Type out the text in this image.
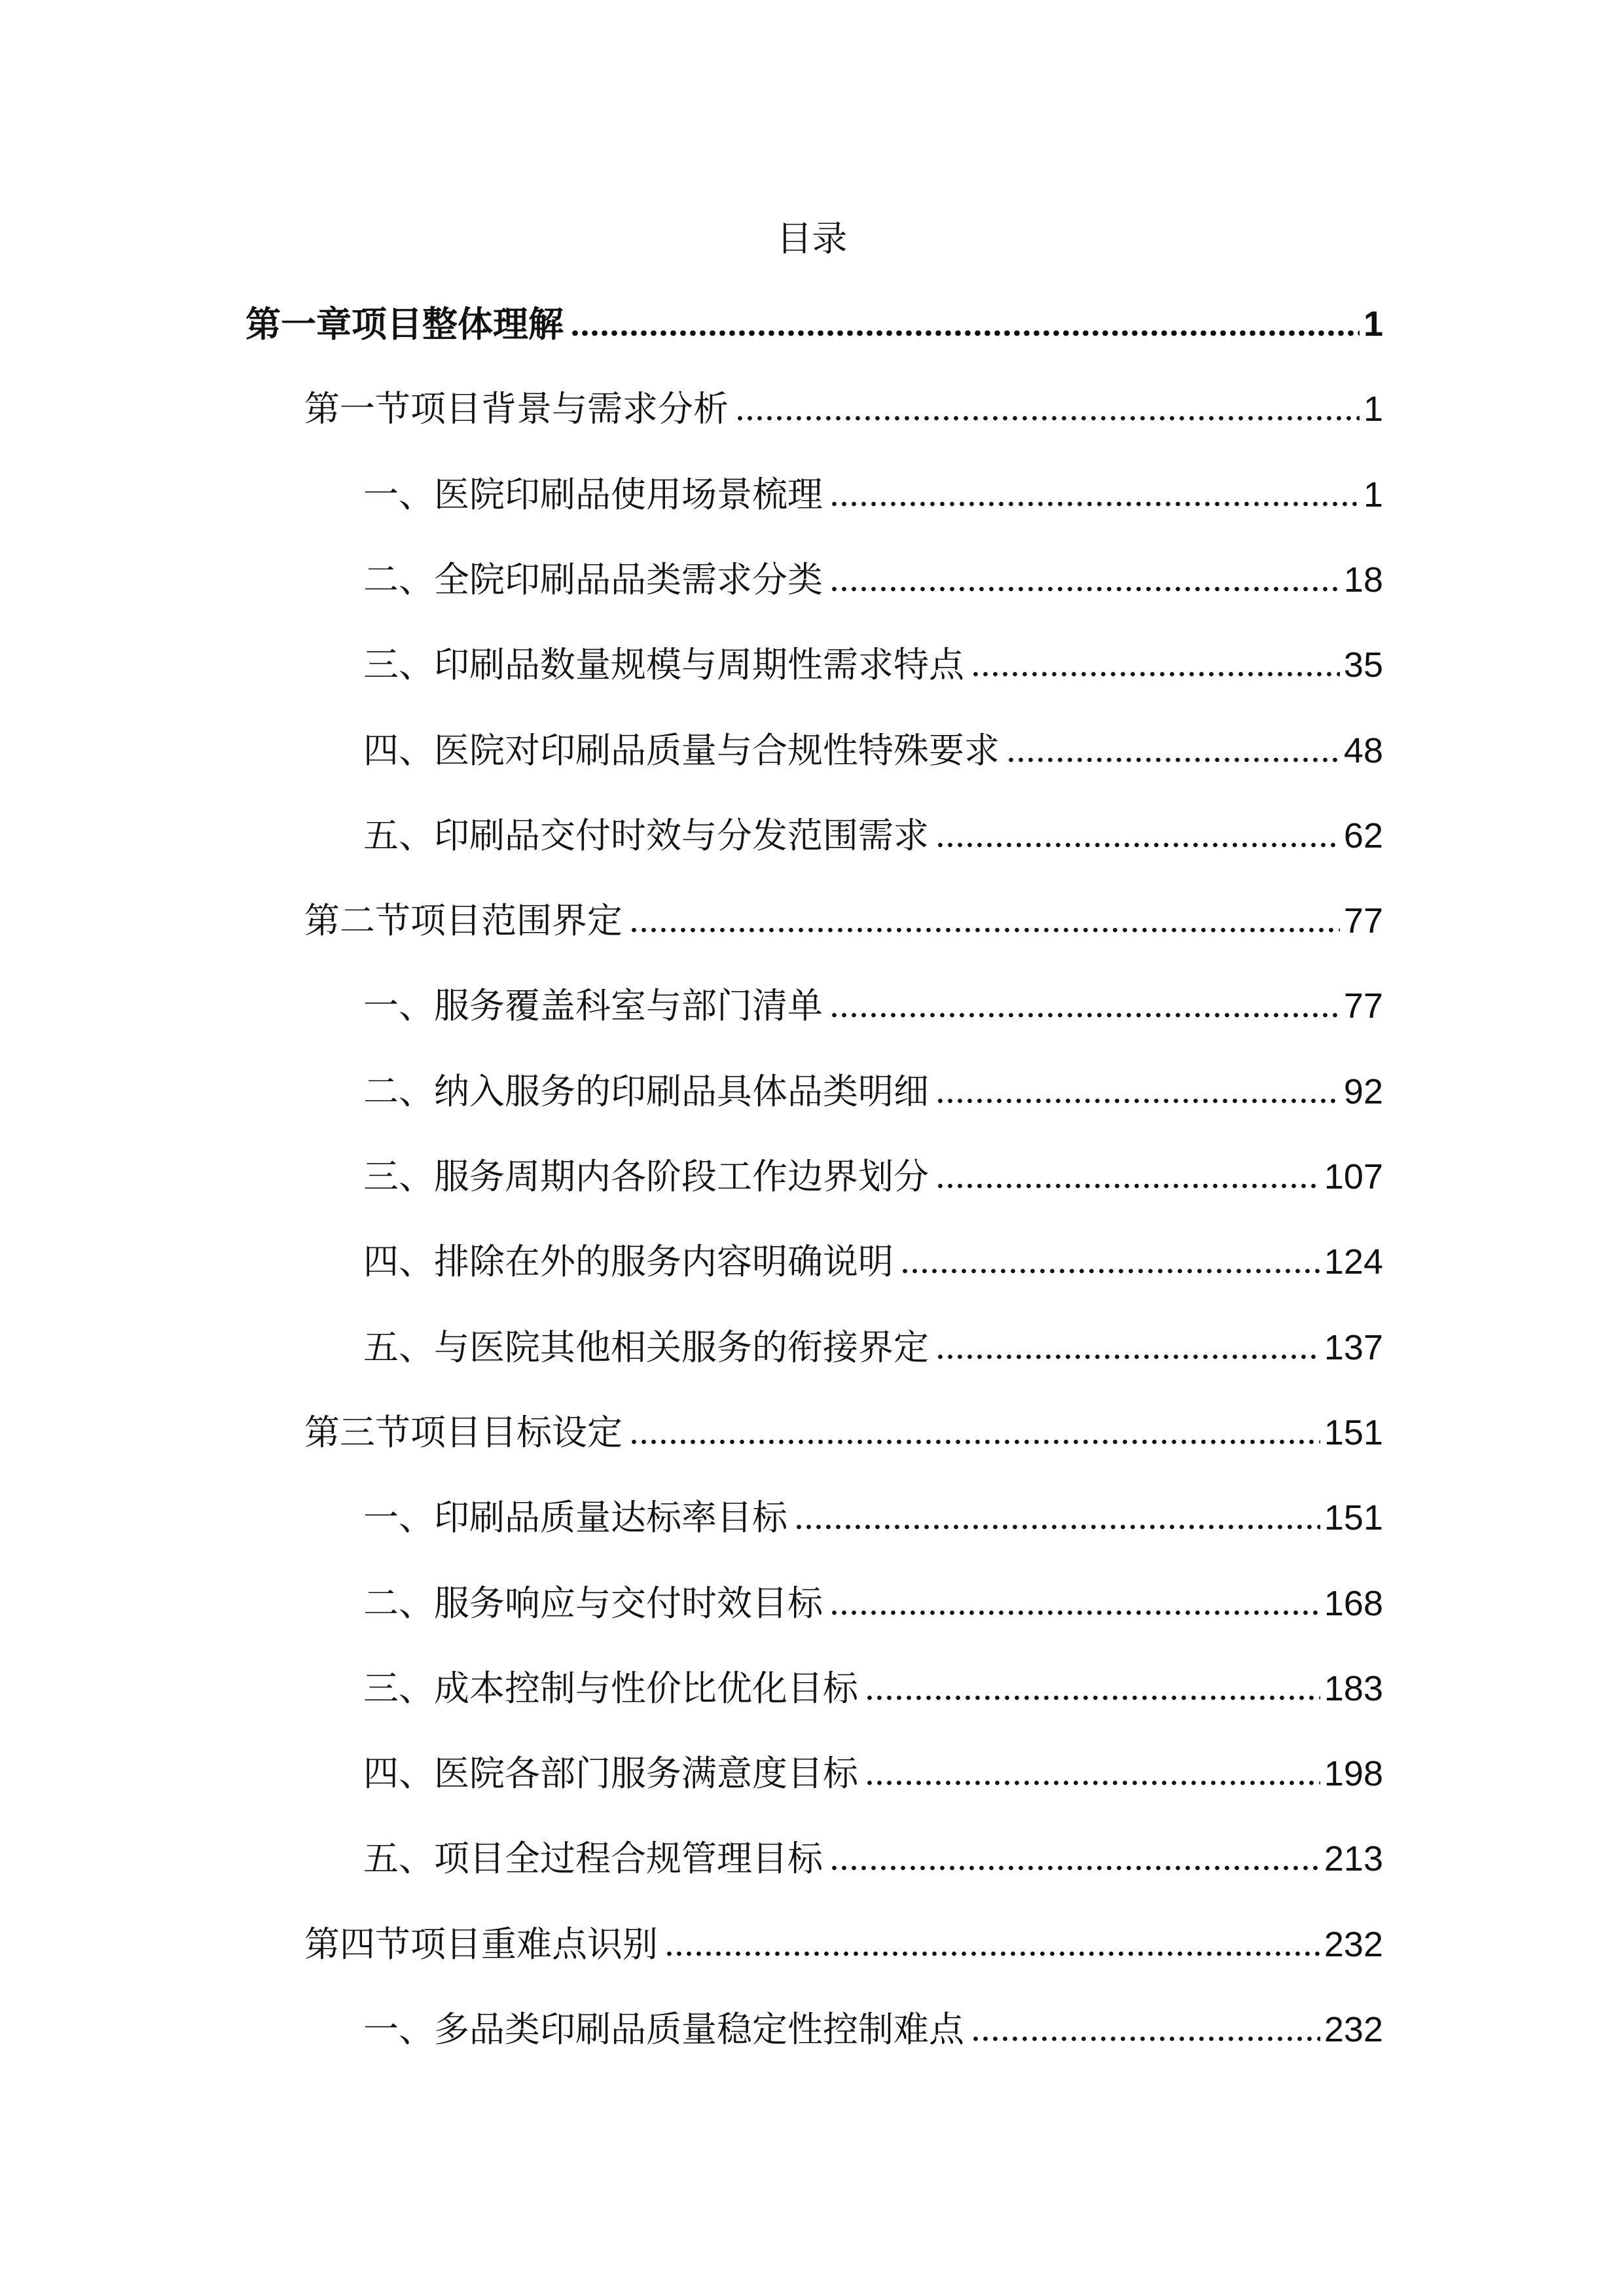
目录
第一章项目整体理解	1
第一节项目背景与需求分析	1
一、医院印刷品使用场景梳理	1
二、全院印刷品品类需求分类	18
三、印刷品数量规模与周期性需求特点	35
四、医院对印刷品质量与合规性特殊要求	48
五、印刷品交付时效与分发范围需求	62
第二节项目范围界定	77
一、服务覆盖科室与部门清单	77
二、纳入服务的印刷品具体品类明细	92
三、服务周期内各阶段工作边界划分	107
四、排除在外的服务内容明确说明	124
五、与医院其他相关服务的衔接界定	137
第三节项目目标设定	151
一、印刷品质量达标率目标	151
二、服务响应与交付时效目标	168
三、成本控制与性价比优化目标	183
四、医院各部门服务满意度目标	198
五、项目全过程合规管理目标	213
第四节项目重难点识别	232
一、多品类印刷品质量稳定性控制难点	232
